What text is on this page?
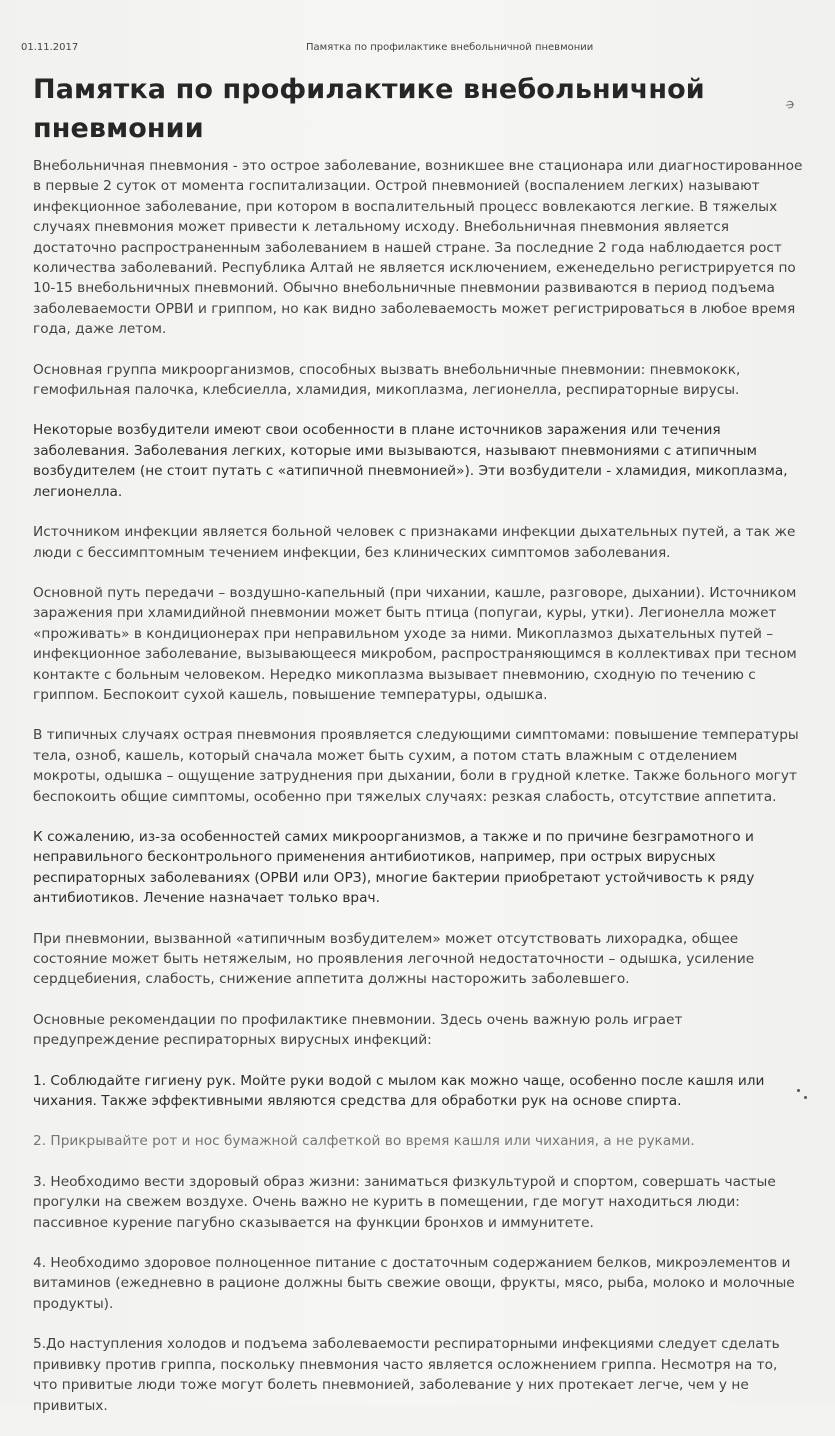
01.11.2017	Памятка по профилактике внебольничной пневмонии
Памятка по профилактике внебольничной пневмонии
ↄ̶

Внебольничная пневмония - это острое заболевание, возникшее вне стационара или диагностированное в первые 2 суток от момента госпитализации. Острой пневмонией (воспалением легких) называют инфекционное заболевание, при котором в воспалительный процесс вовлекаются легкие. В тяжелых случаях пневмония может привести к летальному исходу. Внебольничная пневмония является достаточно распространенным заболеванием в нашей стране. За последние 2 года наблюдается рост количества заболеваний. Республика Алтай не является исключением, еженедельно регистрируется по 10-15 внебольничных пневмоний. Обычно внебольничные пневмонии развиваются в период подъема заболеваемости ОРВИ и гриппом, но как видно заболеваемость может регистрироваться в любое время года, даже летом.

Основная группа микроорганизмов, способных вызвать внебольничные пневмонии: пневмококк, гемофильная палочка, клебсиелла, хламидия, микоплазма, легионелла, респираторные вирусы.

Некоторые возбудители имеют свои особенности в плане источников заражения или течения заболевания. Заболевания легких, которые ими вызываются, называют пневмониями с атипичным возбудителем (не стоит путать с «атипичной пневмонией»). Эти возбудители - хламидия, микоплазма, легионелла.

Источником инфекции является больной человек с признаками инфекции дыхательных путей, а так же люди с бессимптомным течением инфекции, без клинических симптомов заболевания.

Основной путь передачи – воздушно-капельный (при чихании, кашле, разговоре, дыхании). Источником заражения при хламидийной пневмонии может быть птица (попугаи, куры, утки). Легионелла может «проживать» в кондиционерах при неправильном уходе за ними. Микоплазмоз дыхательных путей – инфекционное заболевание, вызывающееся микробом, распространяющимся в коллективах при тесном контакте с больным человеком. Нередко микоплазма вызывает пневмонию, сходную по течению с гриппом. Беспокоит сухой кашель, повышение температуры, одышка.

В типичных случаях острая пневмония проявляется следующими симптомами: повышение температуры тела, озноб, кашель, который сначала может быть сухим, а потом стать влажным с отделением мокроты, одышка – ощущение затруднения при дыхании, боли в грудной клетке. Также больного могут беспокоить общие симптомы, особенно при тяжелых случаях: резкая слабость, отсутствие аппетита.

К сожалению, из-за особенностей самих микроорганизмов, а также и по причине безграмотного и неправильного бесконтрольного применения антибиотиков, например, при острых вирусных респираторных заболеваниях (ОРВИ или ОРЗ), многие бактерии приобретают устойчивость к ряду антибиотиков. Лечение назначает только врач.

При пневмонии, вызванной «атипичным возбудителем» может отсутствовать лихорадка, общее состояние может быть нетяжелым, но проявления легочной недостаточности – одышка, усиление сердцебиения, слабость, снижение аппетита должны насторожить заболевшего.

Основные рекомендации по профилактике пневмонии. Здесь очень важную роль играет предупреждение респираторных вирусных инфекций:

1. Соблюдайте гигиену рук. Мойте руки водой с мылом как можно чаще, особенно после кашля или чихания. Также эффективными являются средства для обработки рук на основе спирта.

2. Прикрывайте рот и нос бумажной салфеткой во время кашля или чихания, а не руками.

3. Необходимо вести здоровый образ жизни: заниматься физкультурой и спортом, совершать частые прогулки на свежем воздухе. Очень важно не курить в помещении, где могут находиться люди: пассивное курение пагубно сказывается на функции бронхов и иммунитете.

4. Необходимо здоровое полноценное питание с достаточным содержанием белков, микроэлементов и витаминов (ежедневно в рационе должны быть свежие овощи, фрукты, мясо, рыба, молоко и молочные продукты).

5.До наступления холодов и подъема заболеваемости респираторными инфекциями следует сделать прививку против гриппа, поскольку пневмония часто является осложнением гриппа. Несмотря на то, что привитые люди тоже могут болеть пневмонией, заболевание у них протекает легче, чем у не привитых.
